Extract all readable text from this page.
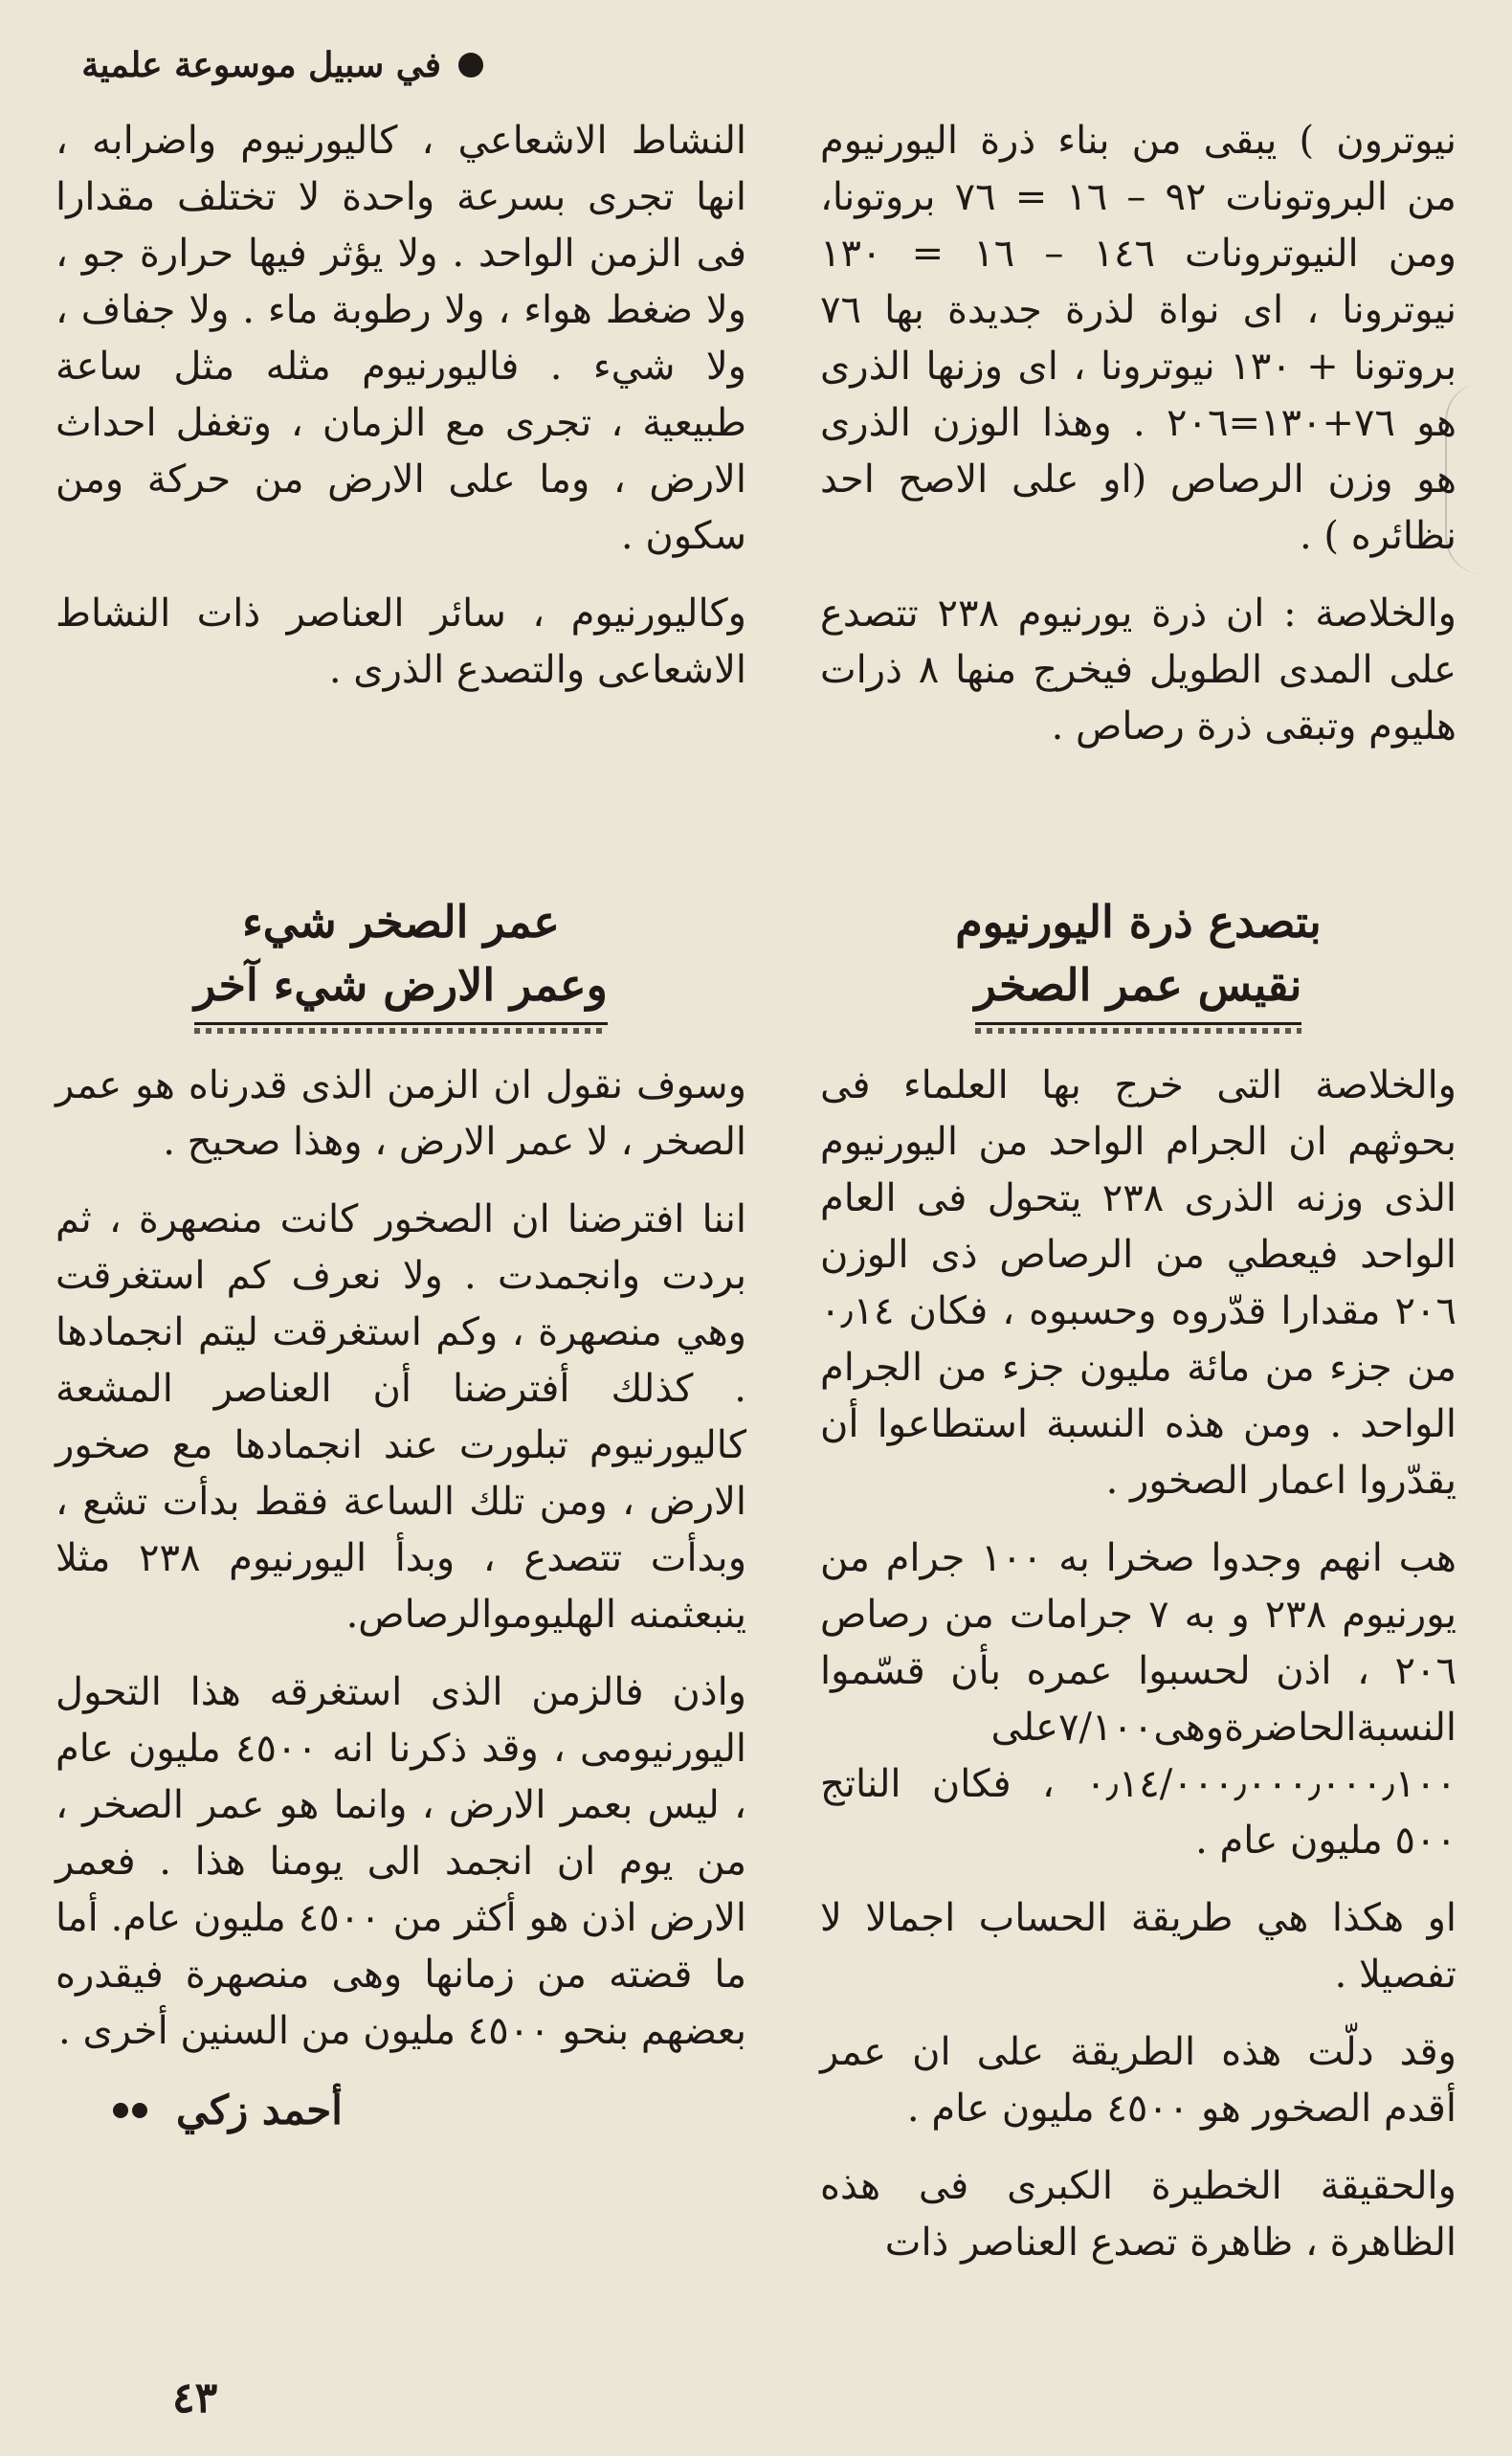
في سبيل موسوعة علمية

نيوترون ) يبقى من بناء ذرة اليورنيوم من البروتونات ٩٢ – ١٦ = ٧٦ بروتونا، ومن النيوترونات ١٤٦ – ١٦ = ١٣٠ نيوترونا ، اى نواة لذرة جديدة بها ٧٦ بروتونا + ١٣٠ نيوترونا ، اى وزنها الذرى هو ٧٦+١٣٠=٢٠٦ . وهذا الوزن الذرى هو وزن الرصاص (او على الاصح احد نظائره ) .

والخلاصة : ان ذرة يورنيوم ٢٣٨ تتصدع على المدى الطويل فيخرج منها ٨ ذرات هليوم وتبقى ذرة رصاص .

النشاط الاشعاعي ، كاليورنيوم واضرابه ، انها تجرى بسرعة واحدة لا تختلف مقدارا فى الزمن الواحد . ولا يؤثر فيها حرارة جو ، ولا ضغط هواء ، ولا رطوبة ماء . ولا جفاف ، ولا شيء . فاليورنيوم مثله مثل ساعة طبيعية ، تجرى مع الزمان ، وتغفل احداث الارض ، وما على الارض من حركة ومن سكون .

وكاليورنيوم ، سائر العناصر ذات النشاط الاشعاعى والتصدع الذرى .

بتصدع ذرة اليورنيوم
نقيس عمر الصخر

والخلاصة التى خرج بها العلماء فى بحوثهم ان الجرام الواحد من اليورنيوم الذى وزنه الذرى ٢٣٨ يتحول فى العام الواحد فيعطي من الرصاص ذى الوزن ٢٠٦ مقدارا قدّروه وحسبوه ، فكان ٠٫١٤ من جزء من مائة مليون جزء من الجرام الواحد . ومن هذه النسبة استطاعوا أن يقدّروا اعمار الصخور .

هب انهم وجدوا صخرا به ١٠٠ جرام من يورنيوم ٢٣٨ و به ٧ جرامات من رصاص ٢٠٦ ، اذن لحسبوا عمره بأن قسّموا النسبةالحاضرةوهى٧/١٠٠على ٠٫١٤/٠٠٠٫٠٠٠٫٠٠٠٫١٠٠ ، فكان الناتج ٥٠٠ مليون عام .

او هكذا هي طريقة الحساب اجمالا لا تفصيلا .

وقد دلّت هذه الطريقة على ان عمر أقدم الصخور هو ٤٥٠٠ مليون عام .

والحقيقة الخطيرة الكبرى فى هذه الظاهرة ، ظاهرة تصدع العناصر ذات

عمر الصخر شيء
وعمر الارض شيء آخر

وسوف نقول ان الزمن الذى قدرناه هو عمر الصخر ، لا عمر الارض ، وهذا صحيح .

اننا افترضنا ان الصخور كانت منصهرة ، ثم بردت وانجمدت . ولا نعرف كم استغرقت وهي منصهرة ، وكم استغرقت ليتم انجمادها . كذلك أفترضنا أن العناصر المشعة كاليورنيوم تبلورت عند انجمادها مع صخور الارض ، ومن تلك الساعة فقط بدأت تشع ، وبدأت تتصدع ، وبدأ اليورنيوم ٢٣٨ مثلا ينبعثمنه الهليوموالرصاص.

واذن فالزمن الذى استغرقه هذا التحول اليورنيومى ، وقد ذكرنا انه ٤٥٠٠ مليون عام ، ليس بعمر الارض ، وانما هو عمر الصخر ، من يوم ان انجمد الى يومنا هذا . فعمر الارض اذن هو أكثر من ٤٥٠٠ مليون عام. أما ما قضته من زمانها وهى منصهرة فيقدره بعضهم بنحو ٤٥٠٠ مليون من السنين أخرى .

أحمد زكي
٤٣
